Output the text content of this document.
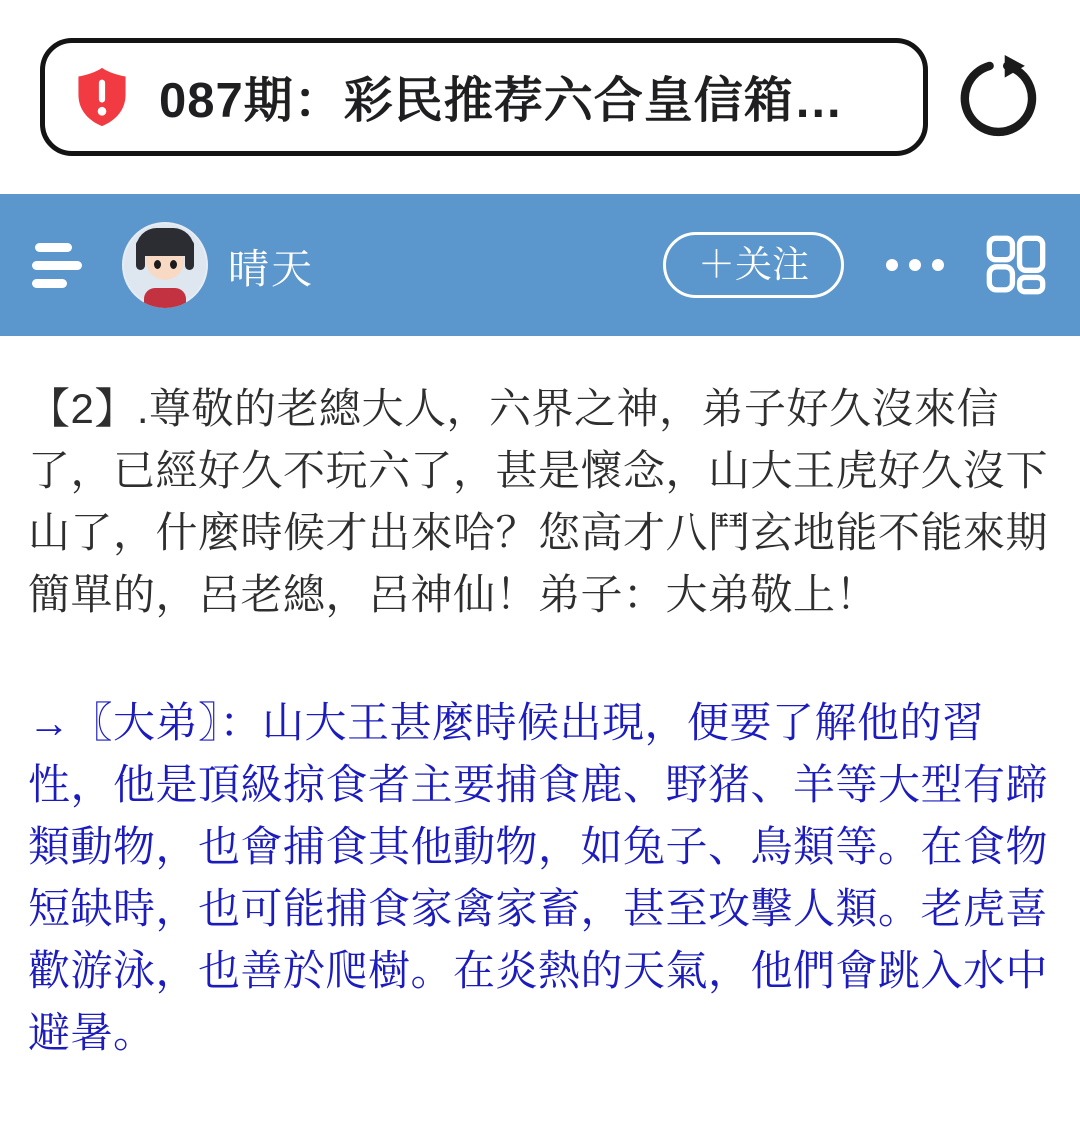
087期：彩民推荐六合皇信箱…
晴天	＋关注

【2】.尊敬的老總大人，六界之神，弟子好久沒來信了，已經好久不玩六了，甚是懷念，山大王虎好久沒下山了，什麼時候才出來哈？您高才八鬥玄地能不能來期簡單的，呂老總，呂神仙！弟子：大弟敬上！

→〖大弟〗：山大王甚麼時候出現，便要了解他的習性，他是頂級掠食者主要捕食鹿、野猪、羊等大型有蹄類動物，也會捕食其他動物，如兔子、鳥類等。在食物短缺時，也可能捕食家禽家畜，甚至攻擊人類。老虎喜歡游泳，也善於爬樹。在炎熱的天氣，他們會跳入水中避暑。
